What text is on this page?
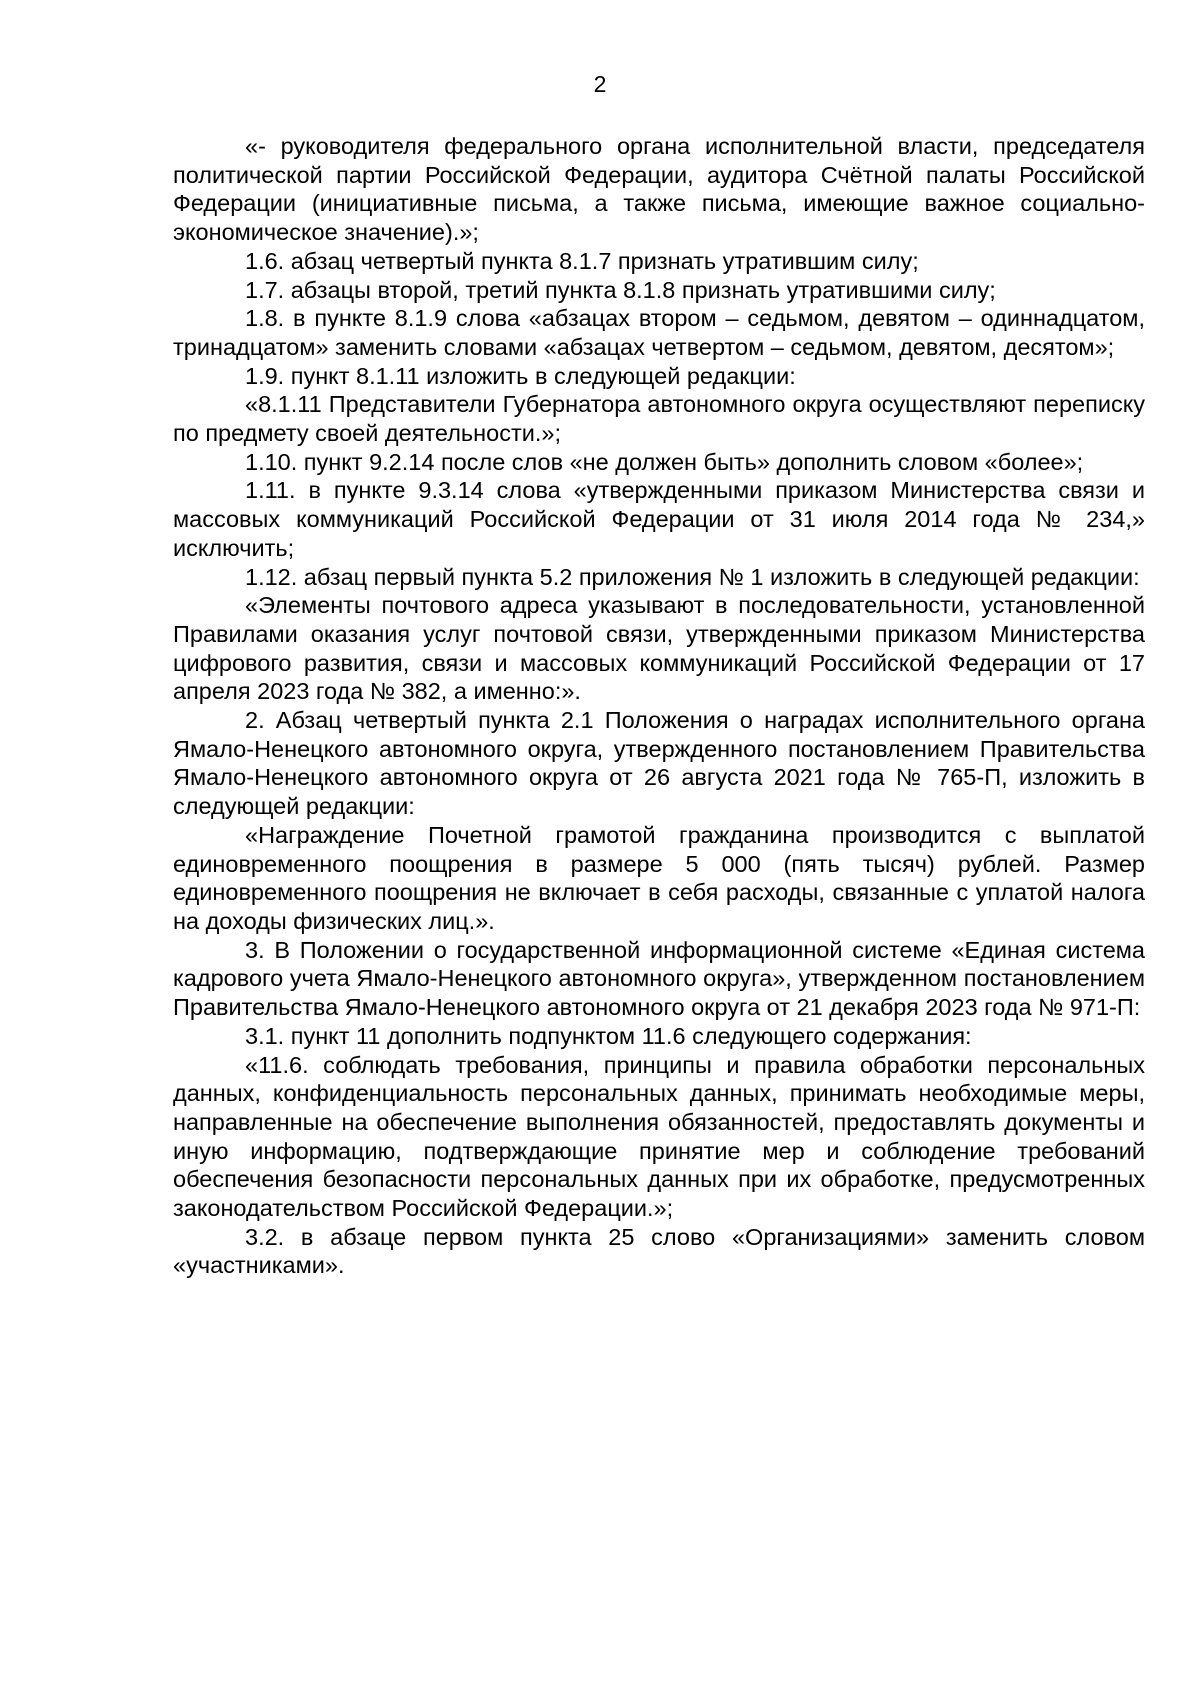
2

«- руководителя федерального органа исполнительной власти, председателя политической партии Российской Федерации, аудитора Счётной палаты Российской Федерации (инициативные письма, а также письма, имеющие важное социально-экономическое значение).»;

1.6. абзац четвертый пункта 8.1.7 признать утратившим силу;

1.7. абзацы второй, третий пункта 8.1.8 признать утратившими силу;

1.8. в пункте 8.1.9 слова «абзацах втором – седьмом, девятом – одиннадцатом, тринадцатом» заменить словами «абзацах четвертом – седьмом, девятом, десятом»;

1.9. пункт 8.1.11 изложить в следующей редакции:

«8.1.11 Представители Губернатора автономного округа осуществляют переписку по предмету своей деятельности.»;

1.10. пункт 9.2.14 после слов «не должен быть» дополнить словом «более»;

1.11. в пункте 9.3.14 слова «утвержденными приказом Министерства связи и массовых коммуникаций Российской Федерации от 31 июля 2014 года № 234,» исключить;

1.12. абзац первый пункта 5.2 приложения № 1 изложить в следующей редакции:

«Элементы почтового адреса указывают в последовательности, установленной Правилами оказания услуг почтовой связи, утвержденными приказом Министерства цифрового развития, связи и массовых коммуникаций Российской Федерации от 17 апреля 2023 года № 382, а именно:».

2. Абзац четвертый пункта 2.1 Положения о наградах исполнительного органа Ямало-Ненецкого автономного округа, утвержденного постановлением Правительства Ямало-Ненецкого автономного округа от 26 августа 2021 года № 765-П, изложить в следующей редакции:

«Награждение Почетной грамотой гражданина производится с выплатой единовременного поощрения в размере 5 000 (пять тысяч) рублей. Размер единовременного поощрения не включает в себя расходы, связанные с уплатой налога на доходы физических лиц.».

3. В Положении о государственной информационной системе «Единая система кадрового учета Ямало-Ненецкого автономного округа», утвержденном постановлением Правительства Ямало-Ненецкого автономного округа от 21 декабря 2023 года № 971-П:

3.1. пункт 11 дополнить подпунктом 11.6 следующего содержания:

«11.6. соблюдать требования, принципы и правила обработки персональных данных, конфиденциальность персональных данных, принимать необходимые меры, направленные на обеспечение выполнения обязанностей, предоставлять документы и иную информацию, подтверждающие принятие мер и соблюдение требований обеспечения безопасности персональных данных при их обработке, предусмотренных законодательством Российской Федерации.»;

3.2. в абзаце первом пункта 25 слово «Организациями» заменить словом «участниками».
